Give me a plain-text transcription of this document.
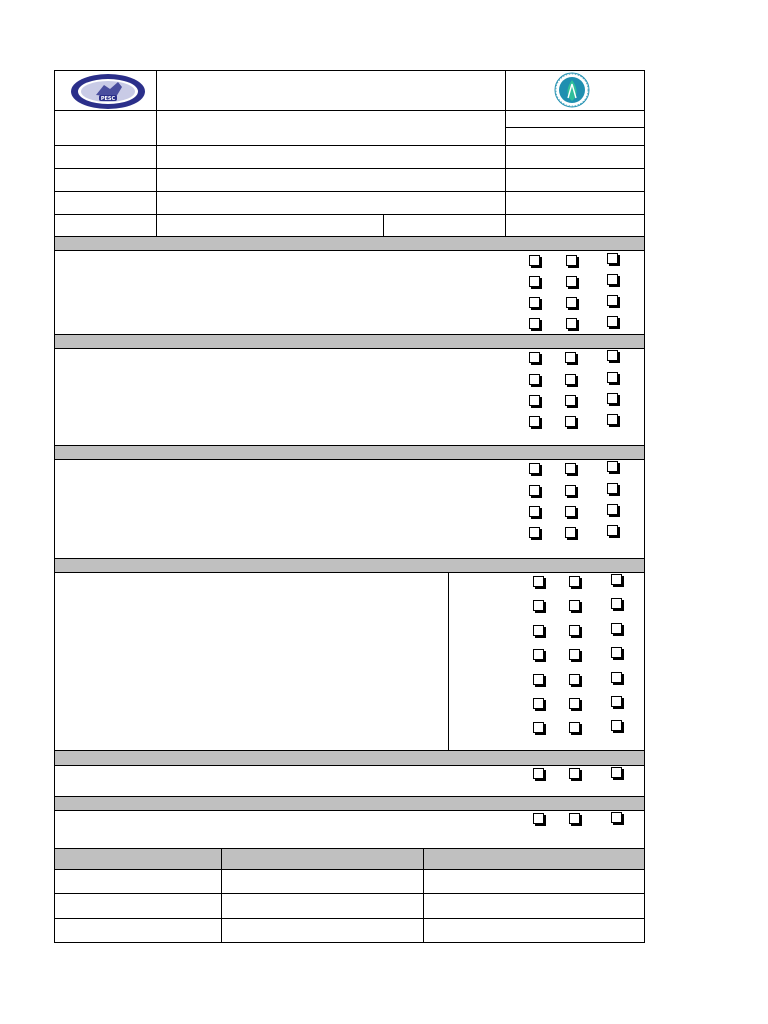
PESC
